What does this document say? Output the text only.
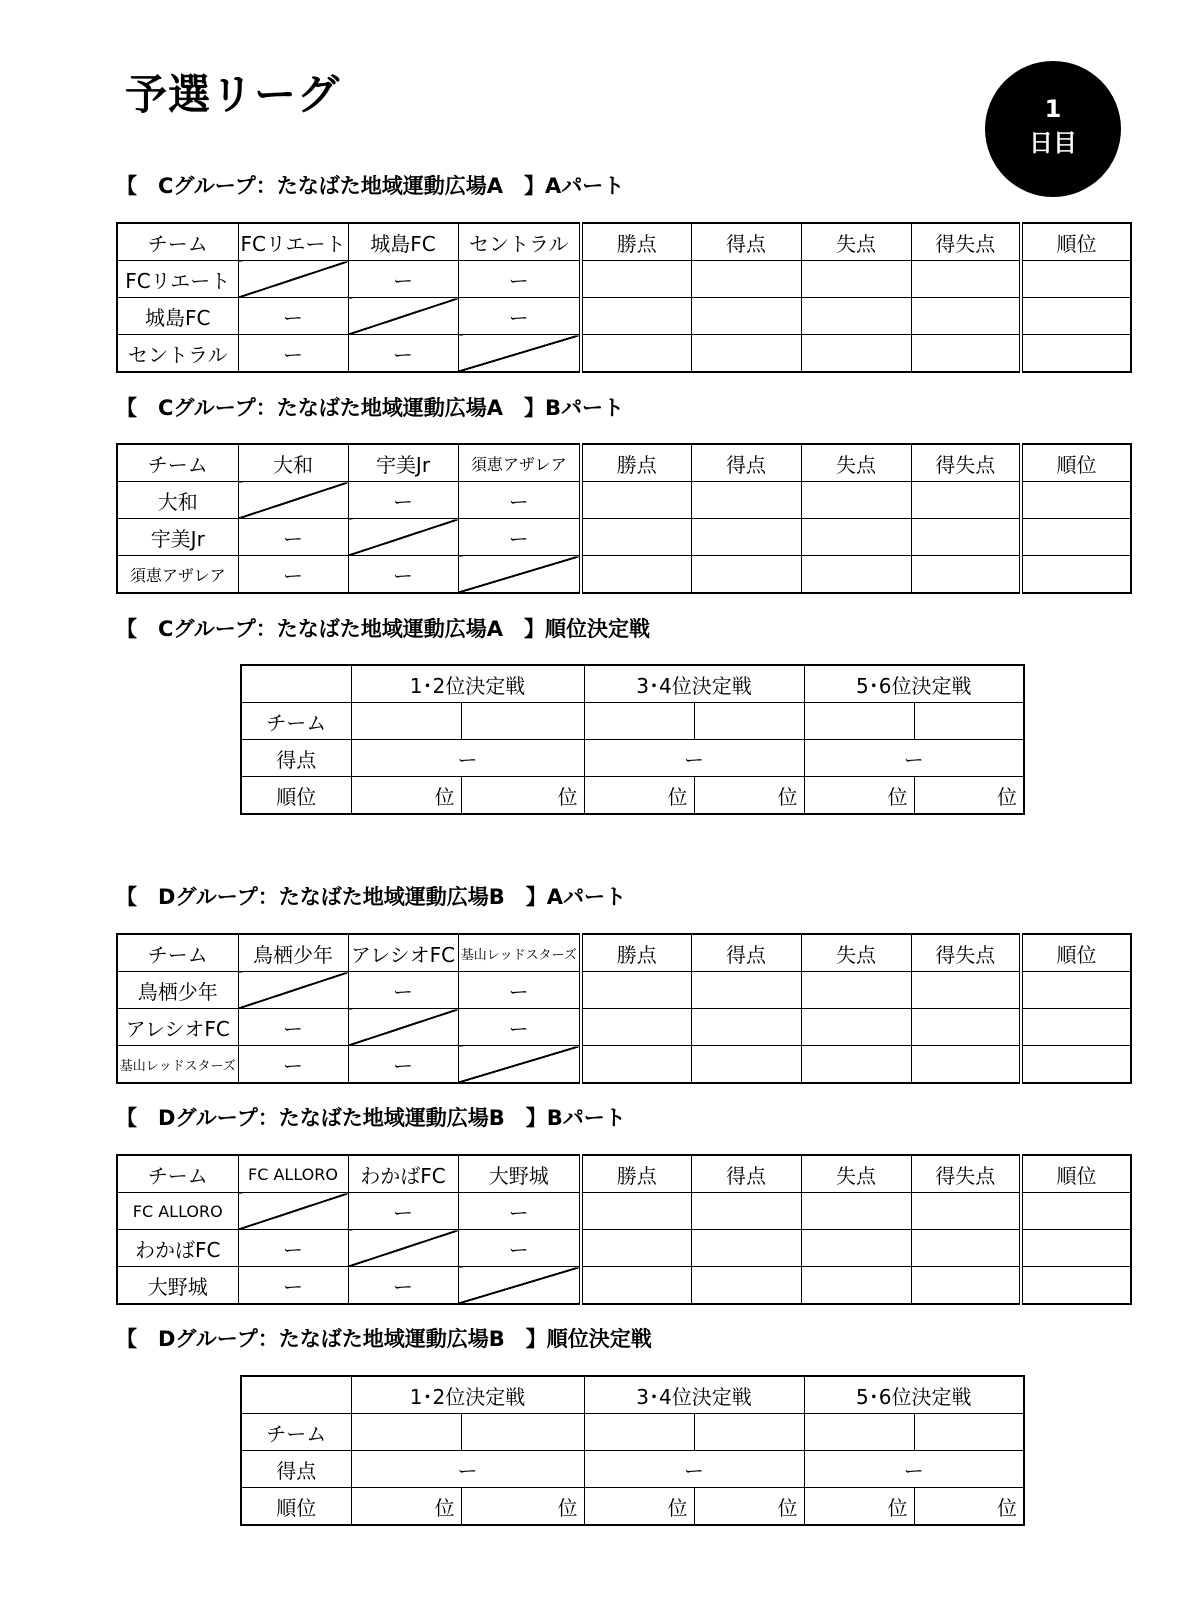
予選リーグ	1
日目
【　Cグループ：たなばた地域運動広場A　】Aパート
チーム	FCリエート	城島FC	セントラル	勝点	得点	失点	得失点	順位
FCリエート		ー	ー					
城島FC	ー		ー					
セントラル	ー	ー						
【　Cグループ：たなばた地域運動広場A　】Bパート
チーム	大和	宇美Jr	須恵アザレア	勝点	得点	失点	得失点	順位
大和		ー	ー					
宇美Jr	ー		ー					
須恵アザレア	ー	ー						
【　Cグループ：たなばた地域運動広場A　】順位決定戦
	1･2位決定戦		3･4位決定戦		5･6位決定戦	
チーム						
得点	ー		ー		ー	
順位	位	位	位	位	位	位
【　Dグループ：たなばた地域運動広場B　】Aパート
チーム	鳥栖少年	アレシオFC	基山レッドスターズ	勝点	得点	失点	得失点	順位
鳥栖少年		ー	ー					
アレシオFC	ー		ー					
基山レッドスターズ	ー	ー						
【　Dグループ：たなばた地域運動広場B　】Bパート
チーム	FC ALLORO	わかばFC	大野城	勝点	得点	失点	得失点	順位
FC ALLORO		ー	ー					
わかばFC	ー		ー					
大野城	ー	ー						
【　Dグループ：たなばた地域運動広場B　】順位決定戦
	1･2位決定戦		3･4位決定戦		5･6位決定戦	
チーム						
得点	ー		ー		ー	
順位	位	位	位	位	位	位
